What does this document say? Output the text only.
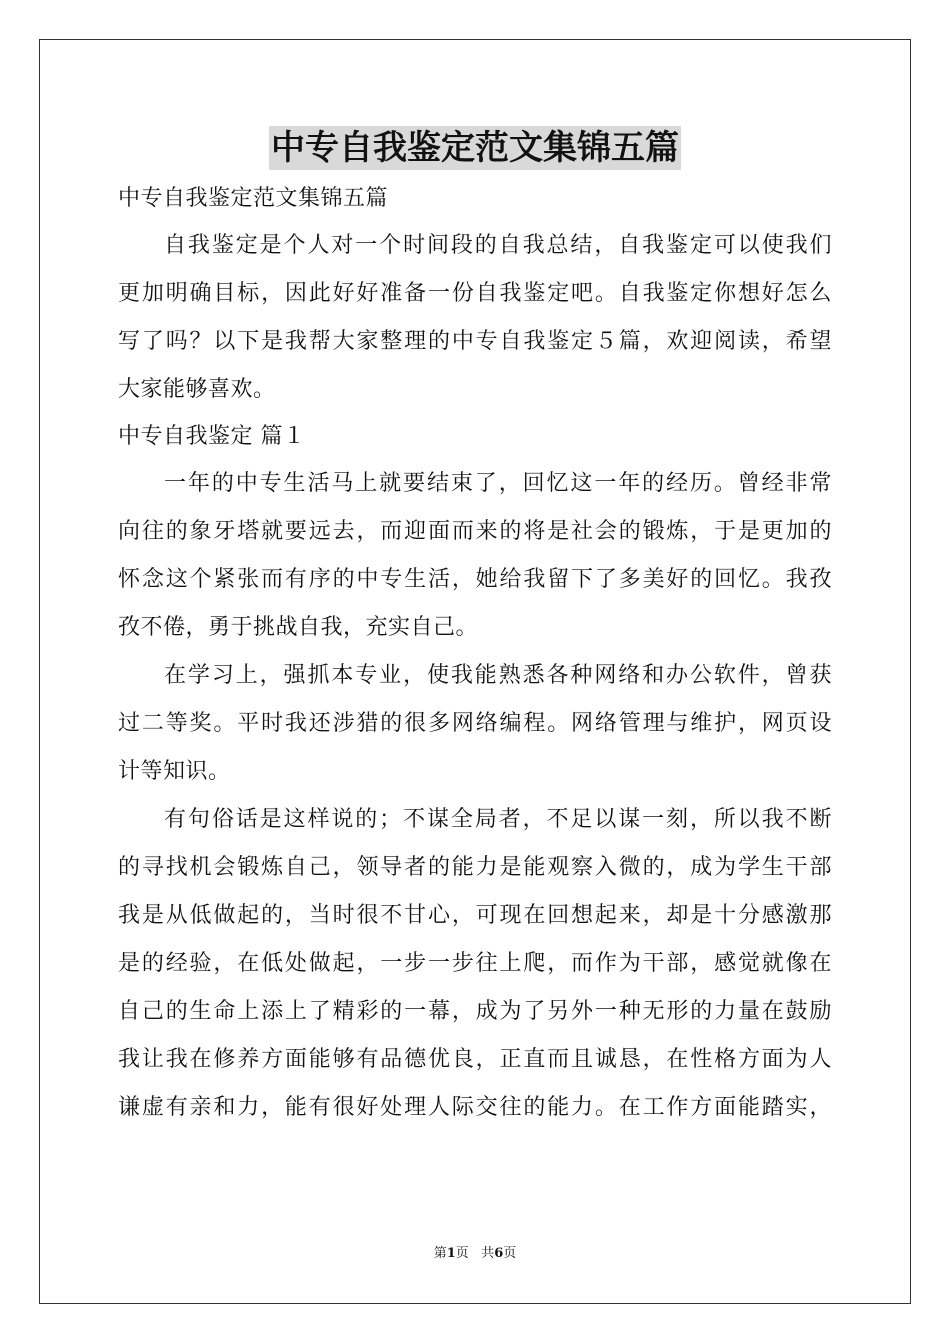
中专自我鉴定范文集锦五篇
中专自我鉴定范文集锦五篇
自我鉴定是个人对一个时间段的自我总结，自我鉴定可以使我们
更加明确目标，因此好好准备一份自我鉴定吧。自我鉴定你想好怎么
写了吗？以下是我帮大家整理的中专自我鉴定５篇，欢迎阅读，希望
大家能够喜欢。
中专自我鉴定 篇１
一年的中专生活马上就要结束了，回忆这一年的经历。曾经非常
向往的象牙塔就要远去，而迎面而来的将是社会的锻炼，于是更加的
怀念这个紧张而有序的中专生活，她给我留下了多美好的回忆。我孜
孜不倦，勇于挑战自我，充实自己。
在学习上，强抓本专业，使我能熟悉各种网络和办公软件，曾获
过二等奖。平时我还涉猎的很多网络编程。网络管理与维护，网页设
计等知识。
有句俗话是这样说的；不谋全局者，不足以谋一刻，所以我不断
的寻找机会锻炼自己，领导者的能力是能观察入微的，成为学生干部
我是从低做起的，当时很不甘心，可现在回想起来，却是十分感激那
是的经验，在低处做起，一步一步往上爬，而作为干部，感觉就像在
自己的生命上添上了精彩的一幕，成为了另外一种无形的力量在鼓励
我让我在修养方面能够有品德优良，正直而且诚恳，在性格方面为人
谦虚有亲和力，能有很好处理人际交往的能力。在工作方面能踏实，
第1页 共6页
